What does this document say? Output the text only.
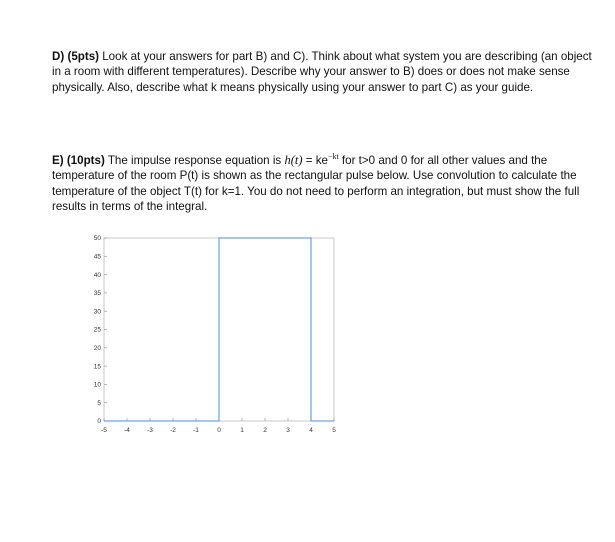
D) (5pts) Look at your answers for part B) and C). Think about what system you are describing (an object in a room with different temperatures). Describe why your answer to B) does or does not make sense physically. Also, describe what k means physically using your answer to part C) as your guide.
E) (10pts) The impulse response equation is $h(t) = ke^{-kt}$ for t>0 and 0 for all other values and the temperature of the room P(t) is shown as the rectangular pulse below. Use convolution to calculate the temperature of the object T(t) for k=1. You do not need to perform an integration, but must show the full results in terms of the integral.
0
5
10
15
20
25
30
35
40
45
50
-5	-4	-3	-2	-1	0	1	2	3	4	5
